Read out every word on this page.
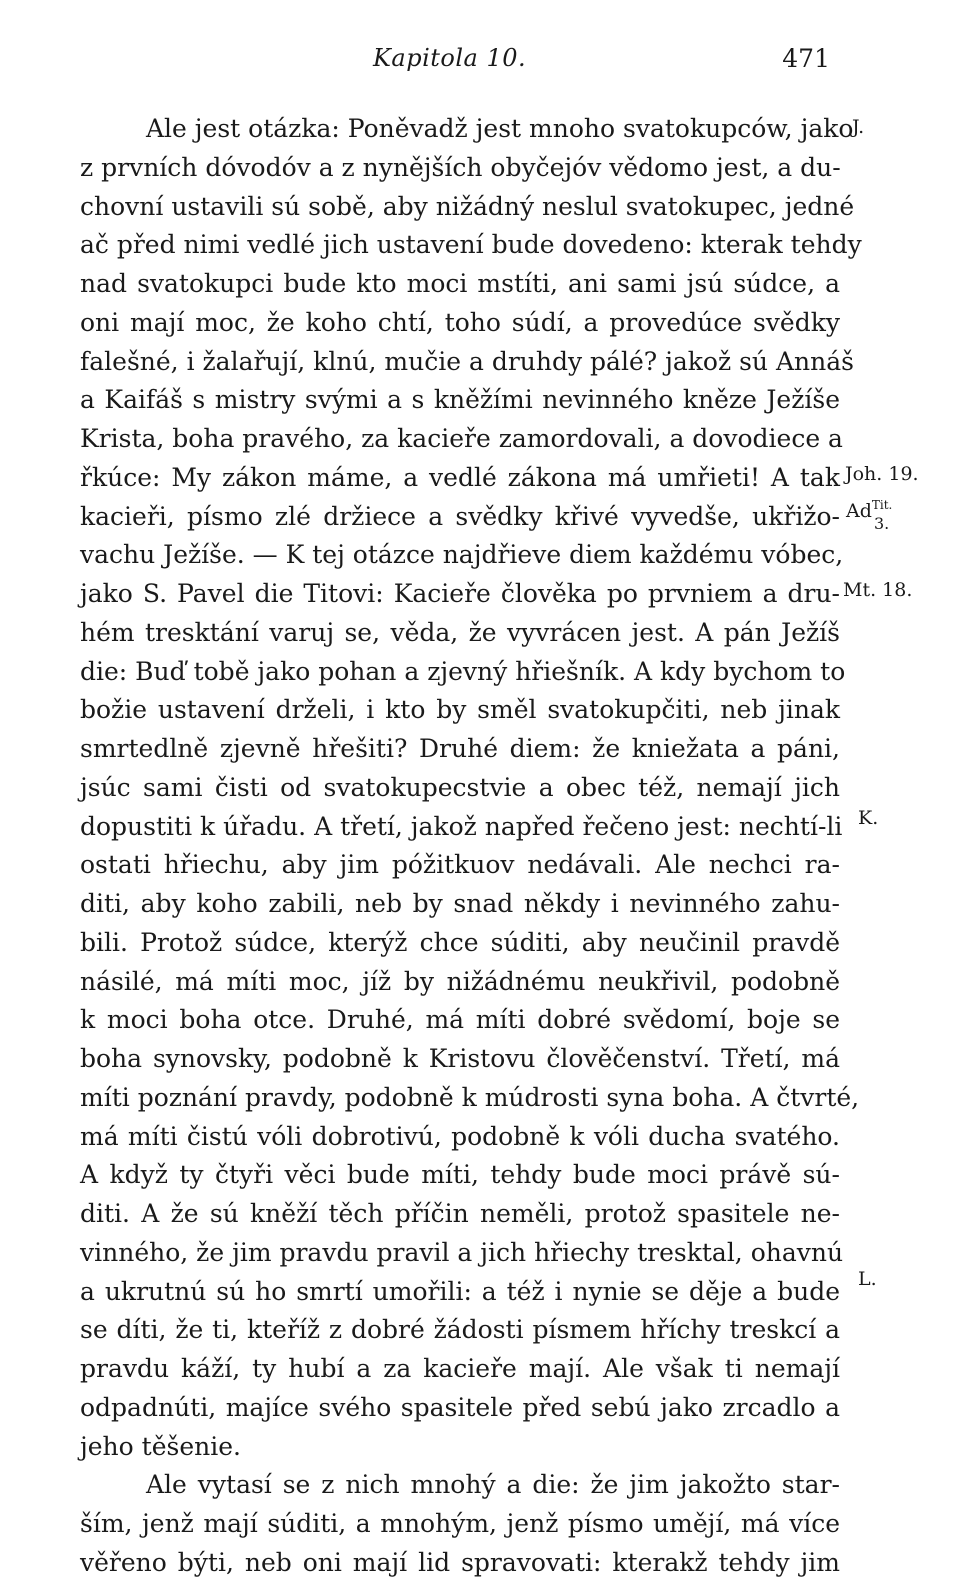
Kapitola 10.	471
Ale jest otázka: Poněvadž jest mnoho svatokupców, jako
z prvních dóvodóv a z nynějších obyčejóv vědomo jest, a du-
chovní ustavili sú sobě, aby nižádný neslul svatokupec, jedné
ač před nimi vedlé jich ustavení bude dovedeno: kterak tehdy
nad svatokupci bude kto moci mstíti, ani sami jsú súdce, a
oni mají moc, že koho chtí, toho súdí, a provedúce svědky
falešné, i žalařují, klnú, mučie a druhdy pálé? jakož sú Annáš
a Kaifáš s mistry svými a s kněžími nevinného kněze Ježíše
Krista, boha pravého, za kacieře zamordovali, a dovodiece a
řkúce: My zákon máme, a vedlé zákona má umřieti! A tak
kacieři, písmo zlé držiece a svědky křivé vyvedše, ukřižo-
vachu Ježíše. — K tej otázce najdřieve diem každému vóbec,
jako S. Pavel die Titovi: Kacieře člověka po prvniem a dru-
hém tresktání varuj se, věda, že vyvrácen jest. A pán Ježíš
die: Buď tobě jako pohan a zjevný hřiešník. A kdy bychom to
božie ustavení drželi, i kto by směl svatokupčiti, neb jinak
smrtedlně zjevně hřešiti? Druhé diem: že kniežata a páni,
jsúc sami čisti od svatokupecstvie a obec též, nemají jich
dopustiti k úřadu. A třetí, jakož napřed řečeno jest: nechtí-li
ostati hřiechu, aby jim póžitkuov nedávali. Ale nechci ra-
diti, aby koho zabili, neb by snad někdy i nevinného zahu-
bili. Protož súdce, kterýž chce súditi, aby neučinil pravdě
násilé, má míti moc, jíž by nižádnému neukřivil, podobně
k moci boha otce. Druhé, má míti dobré svědomí, boje se
boha synovsky, podobně k Kristovu člověčenství. Třetí, má
míti poznání pravdy, podobně k múdrosti syna boha. A čtvrté,
má míti čistú vóli dobrotivú, podobně k vóli ducha svatého.
A když ty čtyři věci bude míti, tehdy bude moci právě sú-
diti. A že sú kněží těch příčin neměli, protož spasitele ne-
vinného, že jim pravdu pravil a jich hřiechy tresktal, ohavnú
a ukrutnú sú ho smrtí umořili: a též i nynie se děje a bude
se díti, že ti, kteříž z dobré žádosti písmem hříchy treskcí a
pravdu káží, ty hubí a za kacieře mají. Ale však ti nemají
odpadnúti, majíce svého spasitele před sebú jako zrcadlo a
jeho těšenie.
Ale vytasí se z nich mnohý a die: že jim jakožto star-
ším, jenž mají súditi, a mnohým, jenž písmo umějí, má více
věřeno býti, neb oni mají lid spravovati: kterakž tehdy jim
J.
Joh. 19.
$Ad^{Tit.}$
3.
Mt. 18.
K.
L.
